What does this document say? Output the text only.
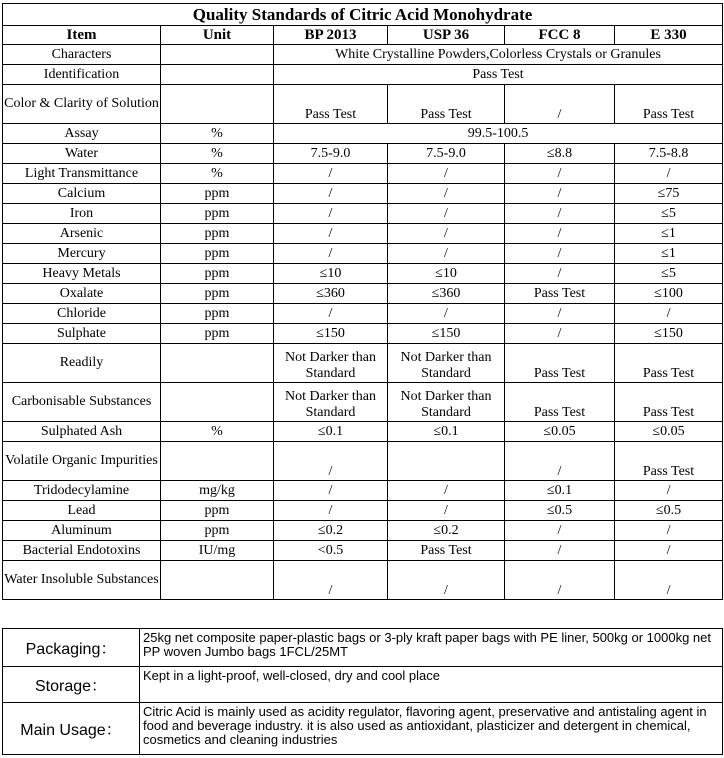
Quality Standards of Citric Acid Monohydrate					
Item	Unit	BP 2013	USP 36	FCC 8	E 330
Characters		White Crystalline Powders,Colorless Crystals or Granules			
Identification		Pass Test			
Color & Clarity of Solution		Pass Test	Pass Test	/	Pass Test
Assay	%	99.5-100.5			
Water	%	7.5-9.0	7.5-9.0	≤8.8	7.5-8.8
Light Transmittance	%	/	/	/	/
Calcium	ppm	/	/	/	≤75
Iron	ppm	/	/	/	≤5
Arsenic	ppm	/	/	/	≤1
Mercury	ppm	/	/	/	≤1
Heavy Metals	ppm	≤10	≤10	/	≤5
Oxalate	ppm	≤360	≤360	Pass Test	≤100
Chloride	ppm	/	/	/	/
Sulphate	ppm	≤150	≤150	/	≤150
Readily		Not Darker than Standard	Not Darker than Standard	Pass Test	Pass Test
Carbonisable Substances		Not Darker than Standard	Not Darker than Standard	Pass Test	Pass Test
Sulphated Ash	%	≤0.1	≤0.1	≤0.05	≤0.05
Volatile Organic Impurities		/		/	Pass Test
Tridodecylamine	mg/kg	/	/	≤0.1	/
Lead	ppm	/	/	≤0.5	≤0.5
Aluminum	ppm	≤0.2	≤0.2	/	/
Bacterial Endotoxins	IU/mg	<0.5	Pass Test	/	/
Water Insoluble Substances		/	/	/	/
Packaging：	25kg net composite paper-plastic bags or 3-ply kraft paper bags with PE liner, 500kg or 1000kg net PP woven Jumbo bags 1FCL/25MT
Storage：	Kept in a light-proof, well-closed, dry and cool place
Main Usage：	Citric Acid is mainly used as acidity regulator, flavoring agent, preservative and antistaling agent in food and beverage industry. it is also used as antioxidant, plasticizer and detergent in chemical, cosmetics and cleaning industries
